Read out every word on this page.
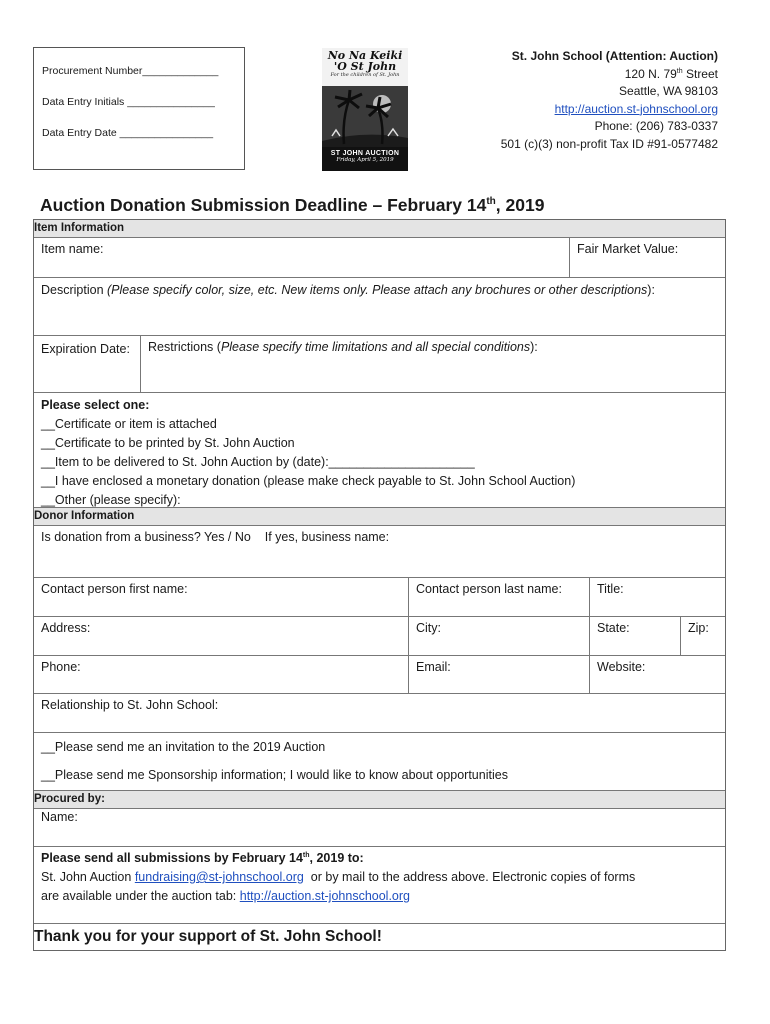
Procurement Number_____________
Data Entry Initials _______________
Data Entry Date ________________
No Na Keiki
'O St John
For the children of St. John
ST JOHN AUCTION
Friday, April 5, 2019
St. John School (Attention: Auction)
120 N. 79th Street
Seattle, WA 98103
http://auction.st-johnschool.org
Phone: (206) 783-0337
501 (c)(3) non-profit Tax ID #91-0577482
Auction Donation Submission Deadline – February 14th, 2019
Item Information
Item name:	Fair Market Value:
Description (Please specify color, size, etc. New items only. Please attach any brochures or other descriptions):
Expiration Date:	Restrictions (Please specify time limitations and all special conditions):
Please select one:
__Certificate or item is attached
__Certificate to be printed by St. John Auction
__Item to be delivered to St. John Auction by (date):_____________________
__I have enclosed a monetary donation (please make check payable to St. John School Auction)
__Other (please specify):
Donor Information
Is donation from a business? Yes / No    If yes, business name:
Contact person first name:	Contact person last name:	Title:
Address:	City:	State:	Zip:
Phone:	Email:	Website:
Relationship to St. John School:
__Please send me an invitation to the 2019 Auction
__Please send me Sponsorship information; I would like to know about opportunities
Procured by:
Name:
Please send all submissions by February 14th, 2019 to:
St. John Auction fundraising@st-johnschool.org  or by mail to the address above. Electronic copies of forms
are available under the auction tab: http://auction.st-johnschool.org
Thank you for your support of St. John School!
